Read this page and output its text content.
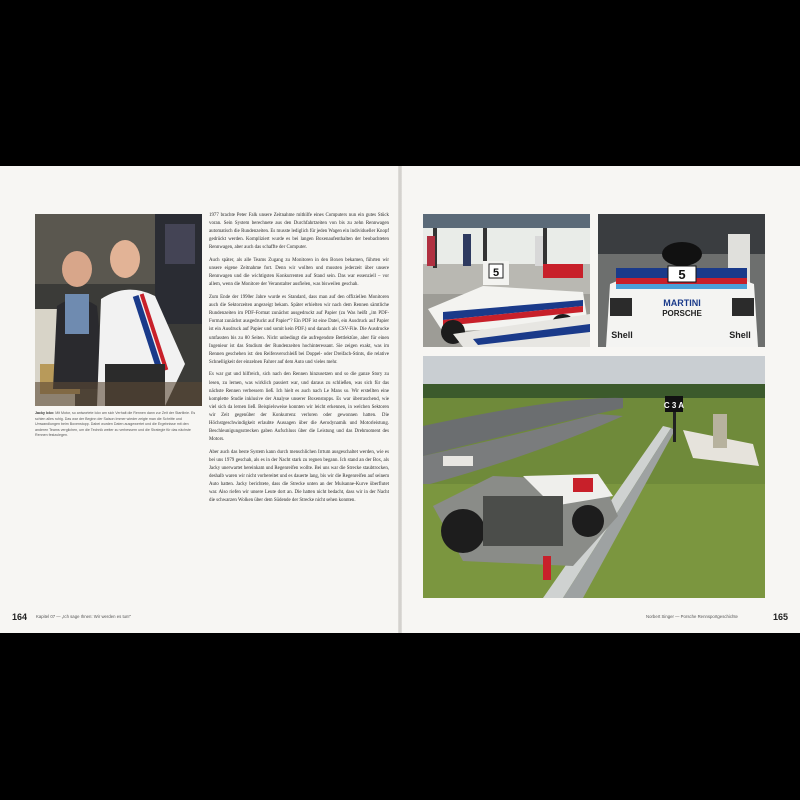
Jacky Ickx: Mit Motor, so antwortete Ickx am sich Verhalt die Rennen dann zur Zeit der Startlinie. Es schien alles ruhig. Das war der Beginn der Saison Immer wieder zeigte man die Schritte und Umwandlungen beim Boxenstopp. Dabei wurden Daten ausgewertet und die Ergebnisse mit den anderen Teams verglichen, um die Technik weiter zu verbessern und die Strategie für das nächste Rennen festzulegen.

1977 brachte Peter Falk unsere Zeitnahme mithilfe eines Computers nun ein gutes Stück voran. Sein System berechnete aus den Durchfahrtzeiten von bis zu zehn Rennwagen automatisch die Rundenzeiten. Es musste lediglich für jeden Wagen ein individueller Knopf gedrückt werden. Kompliziert wurde es bei langen Boxenaufenthalten der beobachteten Rennwagen, aber auch das schaffte der Computer.

Auch später, als alle Teams Zugang zu Monitoren in den Boxen bekamen, führten wir unsere eigene Zeitnahme fort. Denn wir wollten und mussten jederzeit über unsere Rennwagen und die wichtigsten Konkurrenten auf Stand sein. Das war essenziell – vor allem, wenn die Monitore der Veranstalter ausfielen, was bisweilen geschah.

Zum Ende der 1990er Jahre wurde es Standard, dass man auf den offiziellen Monitoren auch die Sektorzeiten angezeigt bekam. Später erhielten wir nach dem Rennen sämtliche Rundenzeiten im PDF-Format zunächst ausgedruckt auf Papier (zu Was heißt „im PDF-Format zunächst ausgedruckt auf Papier“? Ein PDF ist eine Datei, ein Ausdruck auf Papier ist ein Ausdruck auf Papier und somit kein PDF.) und danach als CSV-File. Die Ausdrucke umfassten bis zu 80 Seiten. Nicht unbedingt die aufregendste Bettlektüre, aber für einen Ingenieur ist das Studium der Rundenzeiten hochinteressant. Sie zeigen exakt, was im Rennen geschehen ist: den Reifenverschleiß bei Doppel- oder Dreifach-Stints, die relative Schnelligkeit der einzelnen Fahrer auf dem Auto und vieles mehr.

Es war gut und hilfreich, sich nach den Rennen hinzusetzen und so die ganze Story zu lesen, zu lernen, was wirklich passiert war, und daraus zu schließen, was sich für das nächste Rennen verbessern ließ. Ich hielt es auch nach Le Mans so. Wir erstellten eine komplette Studie inklusive der Analyse unserer Boxenstopps. Es war überraschend, wie viel sich da lernen ließ. Beispielsweise konnten wir leicht erkennen, in welchen Sektoren wir Zeit gegenüber der Konkurrenz verloren oder gewonnen hatten. Die Höchstgeschwindigkeit erlaubte Aussagen über die Aerodynamik und Motorleistung. Beschleunigungsstrecken gaben Aufschluss über die Leistung und das Drehmoment des Motors.

Aber auch das beste System kann durch menschlichen Irrtum ausgeschaltet werden, wie es bei uns 1979 geschah, als es in der Nacht stark zu regnen begann. Ich stand an der Box, als Jacky unerwartet hereinkam und Regenreifen wollte. Bei uns war die Strecke staubtrocken, deshalb waren wir nicht vorbereitet und es dauerte lang, bis wir die Regenreifen auf seinem Auto hatten. Jacky berichtete, dass die Strecke unten an der Mulsanne-Kurve überflutet war. Also riefen wir unsere Leute dort an. Die hatten nicht bedacht, dass wir in der Nacht die schwarzen Wolken über dem Südende der Strecke nicht sehen konnten.

164 Kapitel 07 — „Ich sage Ihnen: Wir werden es tun!“
5	5
MARTINI
PORSCHE
Shell	Shell
C 3 A
Norbert Singer — Porsche Rennsportgeschichte	165
